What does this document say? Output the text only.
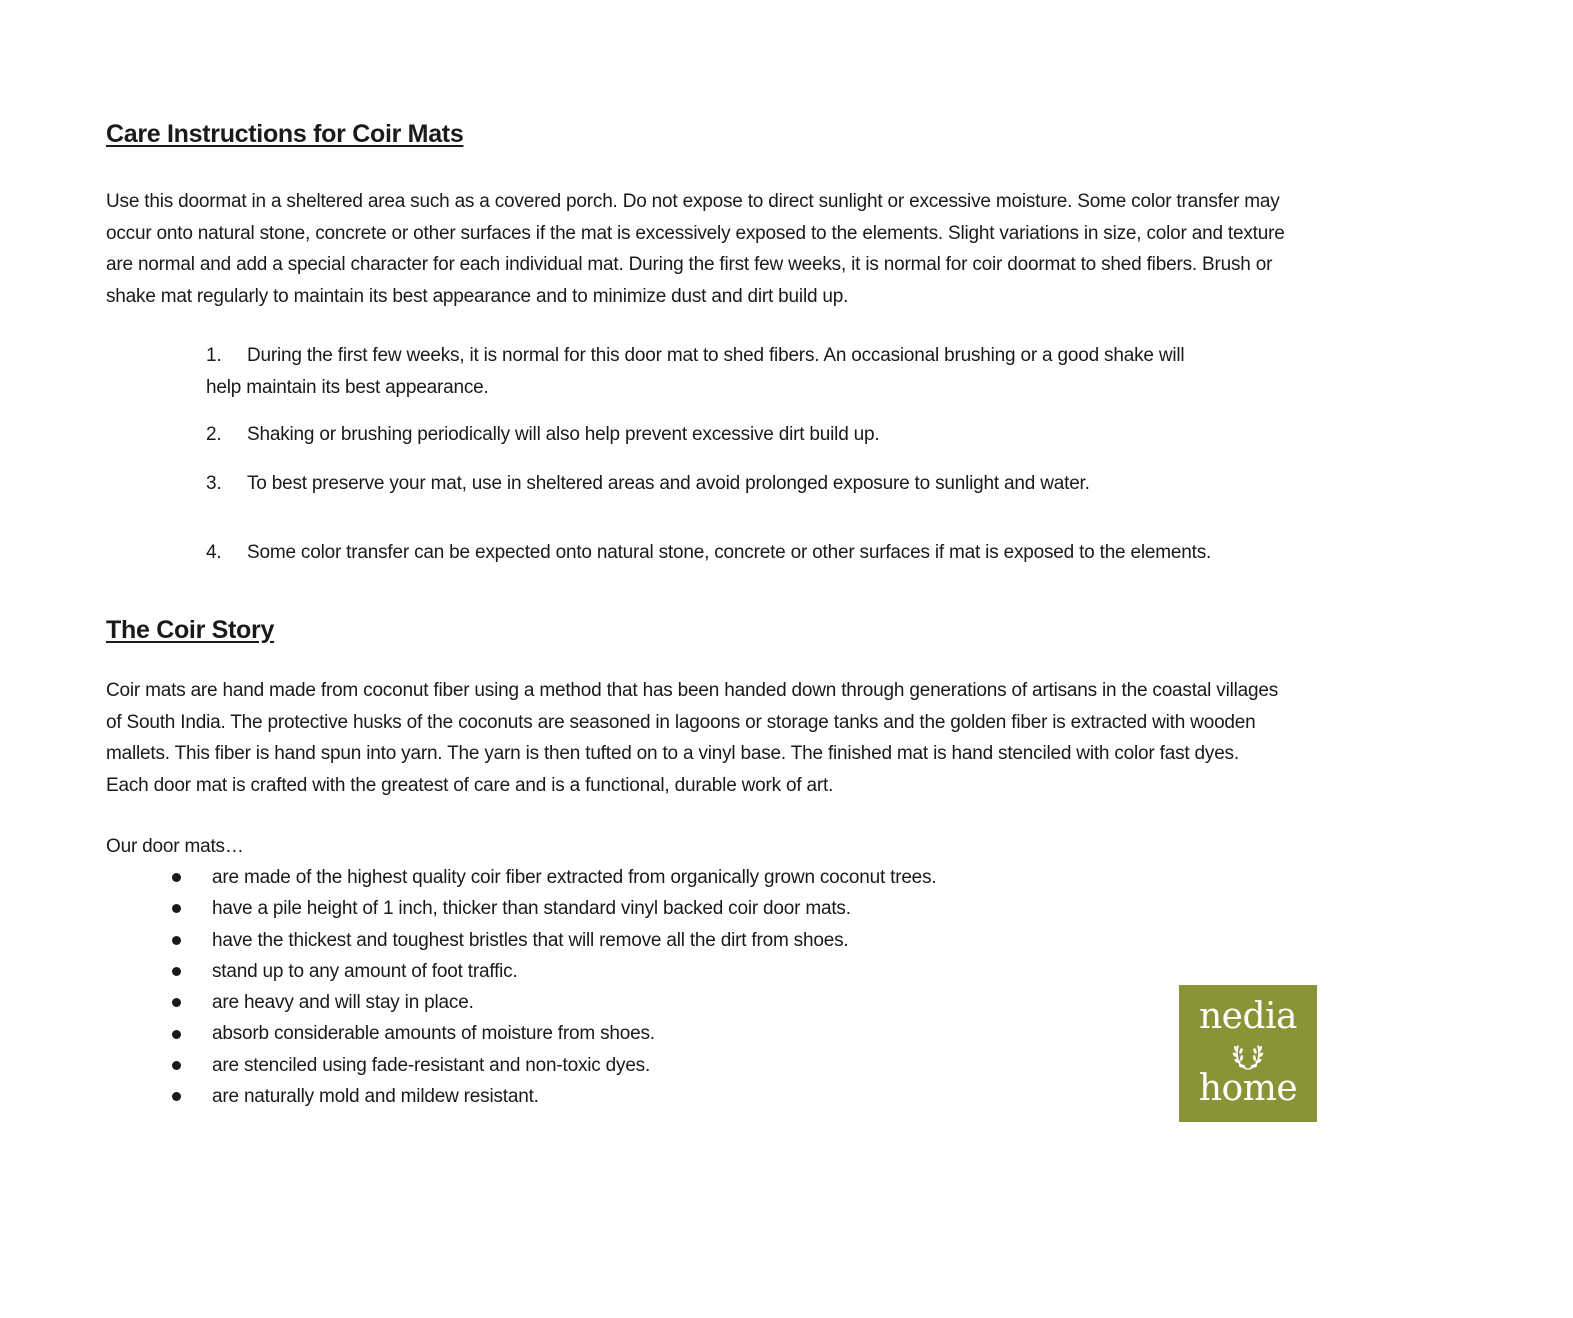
Care Instructions for Coir Mats

Use this doormat in a sheltered area such as a covered porch. Do not expose to direct sunlight or excessive moisture. Some color transfer may
occur onto natural stone, concrete or other surfaces if the mat is excessively exposed to the elements. Slight variations in size, color and texture
are normal and add a special character for each individual mat. During the first few weeks, it is normal for coir doormat to shed fibers. Brush or
shake mat regularly to maintain its best appearance and to minimize dust and dirt build up.

1. During the first few weeks, it is normal for this door mat to shed fibers. An occasional brushing or a good shake will
help maintain its best appearance.

2. Shaking or brushing periodically will also help prevent excessive dirt build up.

3. To best preserve your mat, use in sheltered areas and avoid prolonged exposure to sunlight and water.

4. Some color transfer can be expected onto natural stone, concrete or other surfaces if mat is exposed to the elements.

The Coir Story

Coir mats are hand made from coconut fiber using a method that has been handed down through generations of artisans in the coastal villages
of South India. The protective husks of the coconuts are seasoned in lagoons or storage tanks and the golden fiber is extracted with wooden
mallets. This fiber is hand spun into yarn. The yarn is then tufted on to a vinyl base. The finished mat is hand stenciled with color fast dyes.
Each door mat is crafted with the greatest of care and is a functional, durable work of art.

Our door mats…

are made of the highest quality coir fiber extracted from organically grown coconut trees.
have a pile height of 1 inch, thicker than standard vinyl backed coir door mats.
have the thickest and toughest bristles that will remove all the dirt from shoes.
stand up to any amount of foot traffic.
are heavy and will stay in place.
absorb considerable amounts of moisture from shoes.
are stenciled using fade-resistant and non-toxic dyes.
are naturally mold and mildew resistant.
nedia
home
